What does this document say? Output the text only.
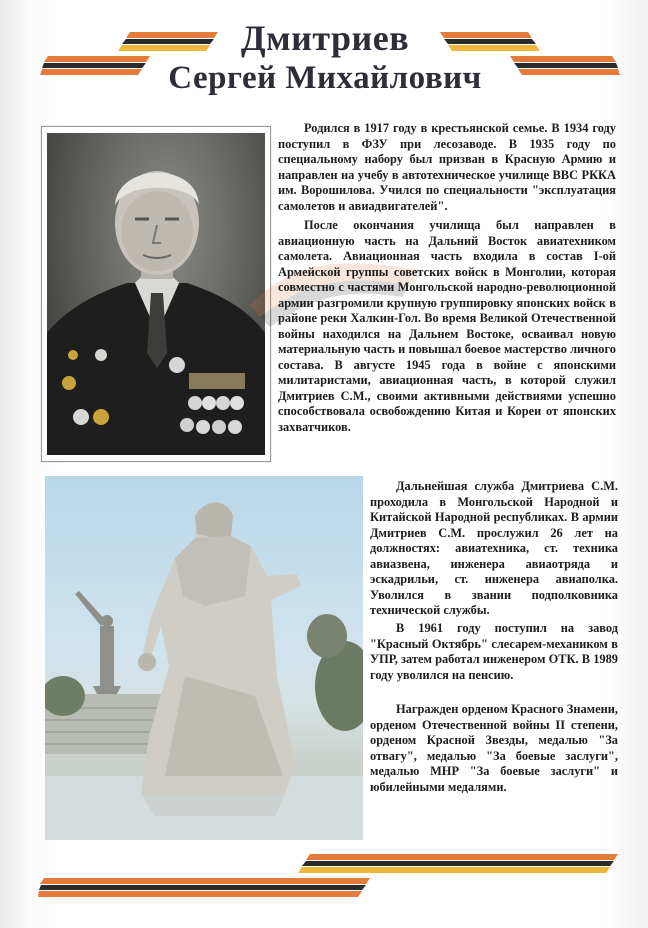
Дмитриев
Сергей Михайлович

Родился в 1917 году в крестьянской семье. В 1934 году поступил в ФЗУ при лесозаводе. В 1935 году по специальному набору был призван в Красную Армию и направлен на учебу в автотехническое училище ВВС РККА им. Ворошилова. Учился по специальности "эксплуатация самолетов и авиадвигателей".

После окончания училища был направлен в авиационную часть на Дальний Восток авиатехником самолета. Авиационная часть входила в состав I-ой Армейской группы советских войск в Монголии, которая совместно с частями Монгольской народно-революционной армии разгромили крупную группировку японских войск в районе реки Халкин-Гол. Во время Великой Отечественной войны находился на Дальнем Востоке, осваивал новую материальную часть и повышал боевое мастерство личного состава. В августе 1945 года в войне с японскими милитаристами, авиационная часть, в которой служил Дмитриев С.М., своими активными действиями успешно способствовала освобождению Китая и Кореи от японских захватчиков.

Дальнейшая служба Дмитриева С.М. проходила в Монгольской Народной и Китайской Народной республиках. В армии Дмитриев С.М. прослужил 26 лет на должностях: авиатехника, ст. техника авиазвена, инженера авиаотряда и эскадрильи, ст. инженера авиаполка. Уволился в звании подполковника технической службы.

В 1961 году поступил на завод "Красный Октябрь" слесарем-механиком в УПР, затем работал инженером ОТК. В 1989 году уволился на пенсию.

Награжден орденом Красного Знамени, орденом Отечественной войны II степени, орденом Красной Звезды, медалью "За отвагу", медалью "За боевые заслуги", медалью МНР "За боевые заслуги" и юбилейными медалями.
